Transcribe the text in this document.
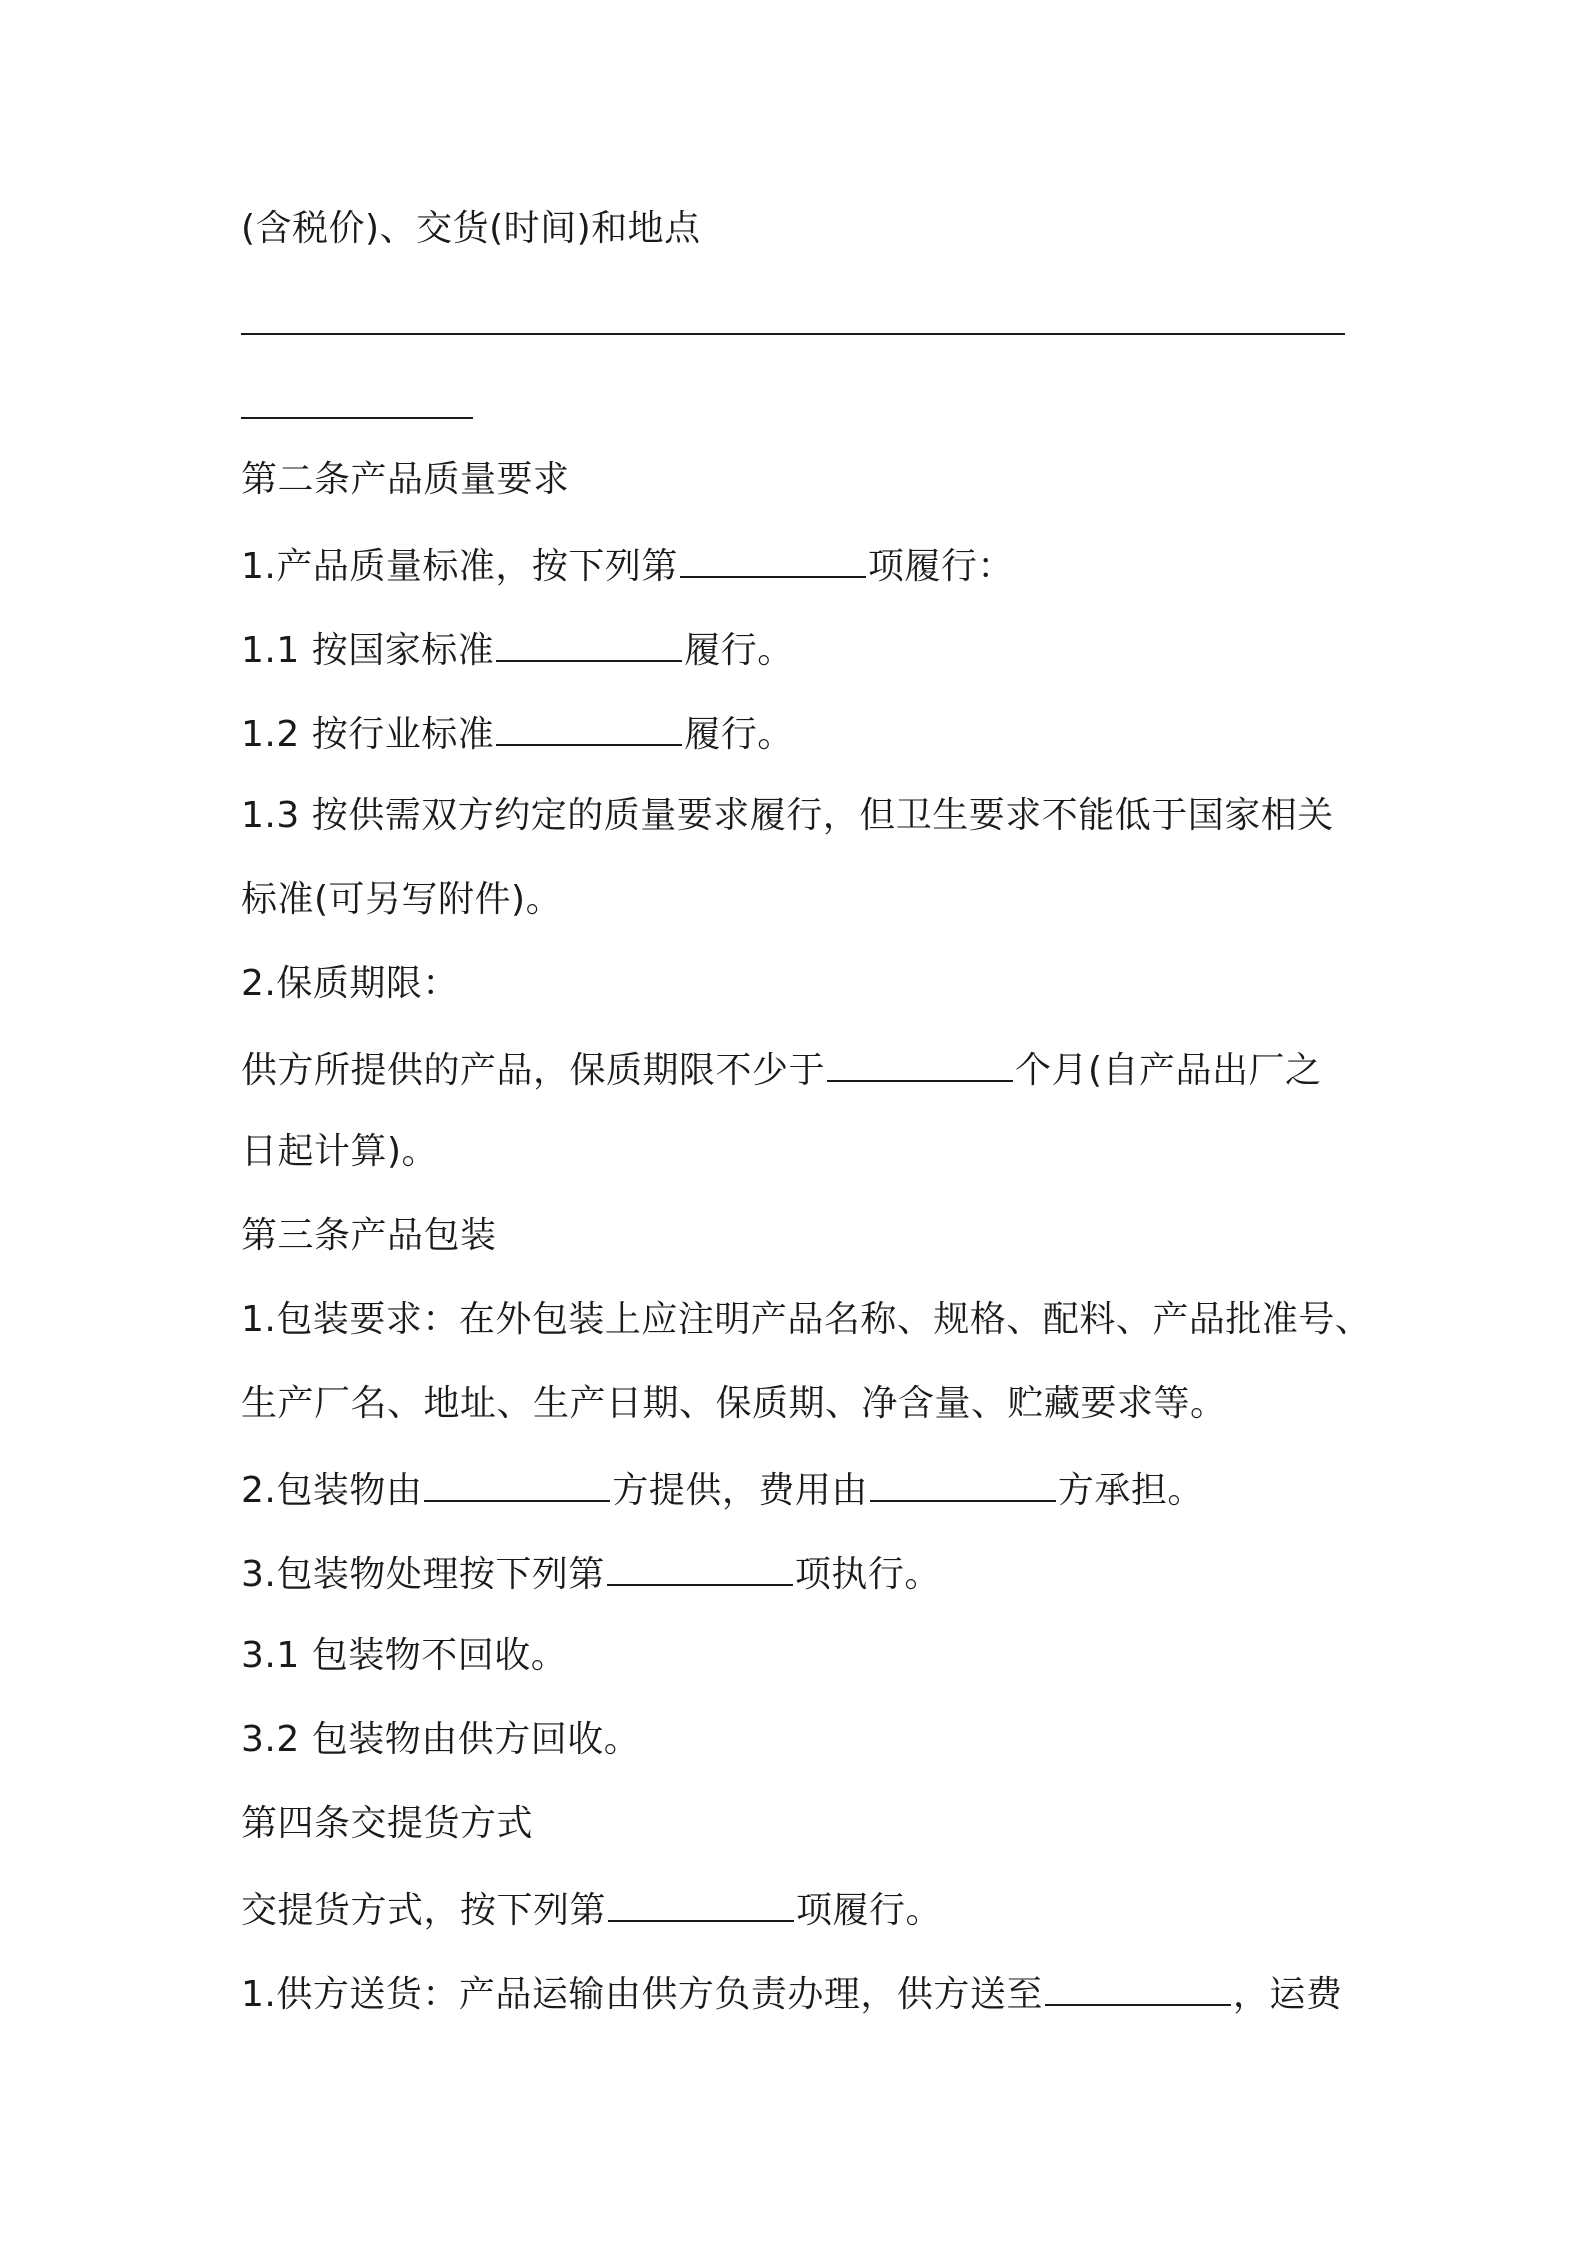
(含税价)、交货(时间)和地点
第二条产品质量要求
1.产品质量标准，按下列第	项履行：
1.1 按国家标准	履行。
1.2 按行业标准	履行。
1.3 按供需双方约定的质量要求履行，但卫生要求不能低于国家相关
标准(可另写附件)。
2.保质期限：
供方所提供的产品，保质期限不少于	个月(自产品出厂之
日起计算)。
第三条产品包装
1.包装要求：在外包装上应注明产品名称、规格、配料、产品批准号、
生产厂名、地址、生产日期、保质期、净含量、贮藏要求等。
2.包装物由	方提供，费用由	方承担。
3.包装物处理按下列第	项执行。
3.1 包装物不回收。
3.2 包装物由供方回收。
第四条交提货方式
交提货方式，按下列第	项履行。
1.供方送货：产品运输由供方负责办理，供方送至	，运费
